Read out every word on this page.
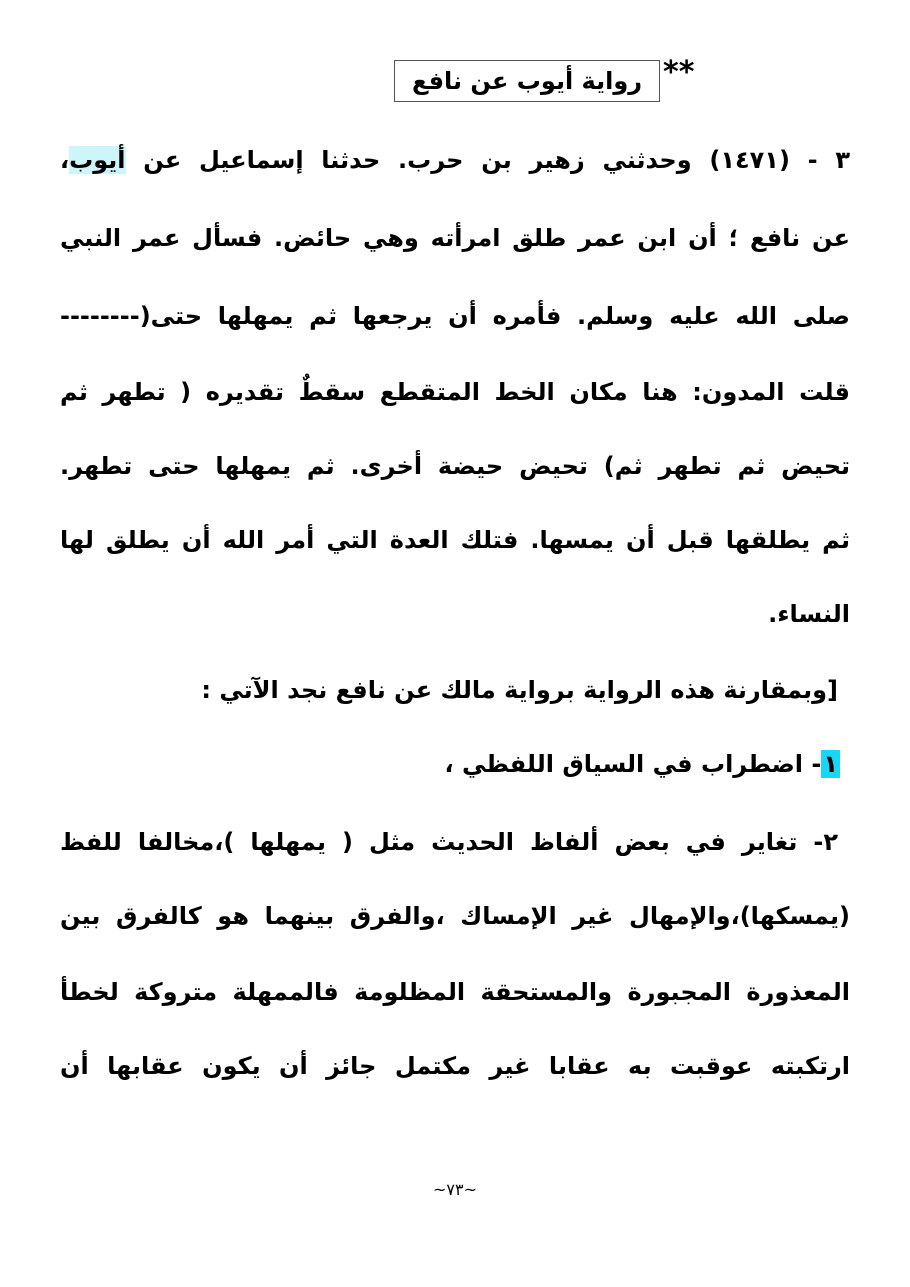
**
رواية أيوب عن نافع
٣ - (١٤٧١) وحدثني زهير بن حرب. حدثنا إسماعيل عن أيوب،
عن نافع ؛ أن ابن عمر طلق امرأته وهي حائض. فسأل عمر النبي
صلى الله عليه وسلم. فأمره أن يرجعها ثم يمهلها حتى(--------
قلت المدون: هنا مكان الخط المتقطع سقطٌ تقديره ( تطهر ثم
تحيض ثم تطهر ثم) تحيض حيضة أخرى. ثم يمهلها حتى تطهر.
ثم يطلقها قبل أن يمسها. فتلك العدة التي أمر الله أن يطلق لها
النساء.
[وبمقارنة هذه الرواية برواية مالك عن نافع نجد الآتي :
١- اضطراب في السياق اللفظي ،
٢- تغاير في بعض ألفاظ الحديث مثل ( يمهلها )،مخالفا للفظ
(يمسكها)،والإمهال غير الإمساك ،والفرق بينهما هو كالفرق بين
المعذورة المجبورة والمستحقة المظلومة فالممهلة متروكة لخطأ
ارتكبته عوقبت به عقابا غير مكتمل جائز أن يكون عقابها أن
~٧٣~
